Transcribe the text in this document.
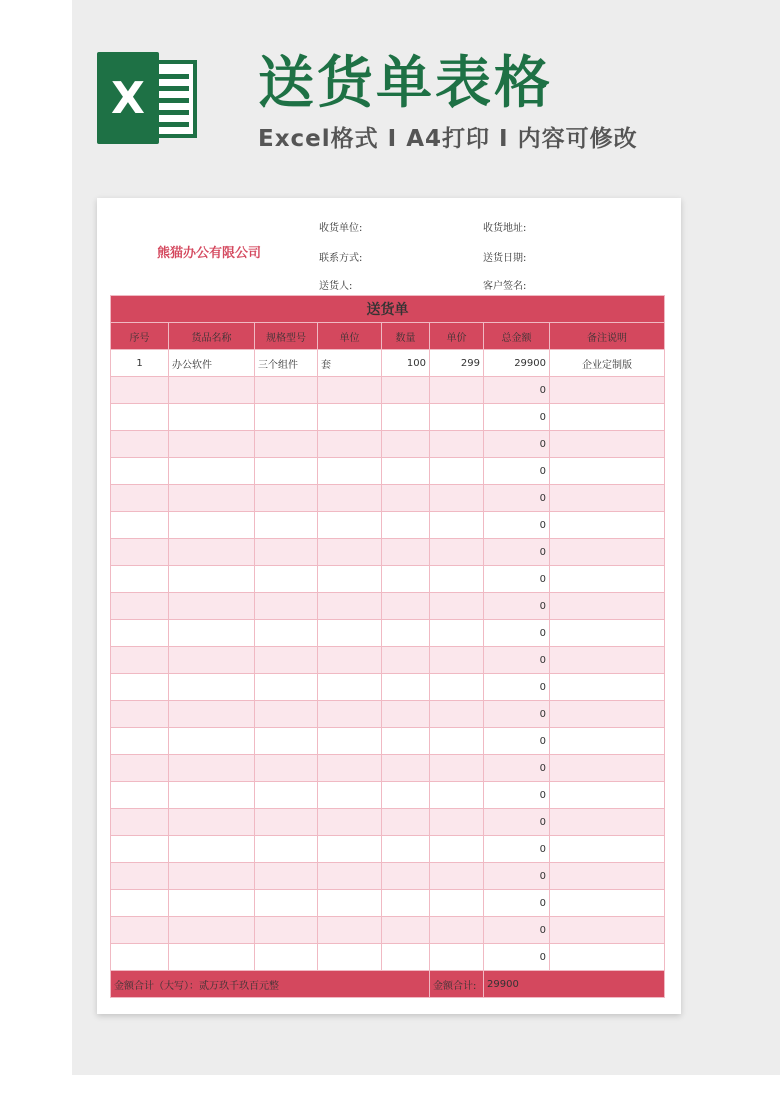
X 送货单表格
Excel格式 I A4打印 I 内容可修改
熊猫办公有限公司
收货单位:	收货地址:
联系方式:	送货日期:
送货人:	客户签名:
送货单							
序号	货品名称	规格型号	单位	数量	单价	总金额	备注说明
1	办公软件	三个组件	套	100	299	29900	企业定制版
						0	
						0	
						0	
						0	
						0	
						0	
						0	
						0	
						0	
						0	
						0	
						0	
						0	
						0	
						0	
						0	
						0	
						0	
						0	
						0	
						0	
						0	
金额合计（大写）：贰万玖千玖百元整					金额合计:	29900	
